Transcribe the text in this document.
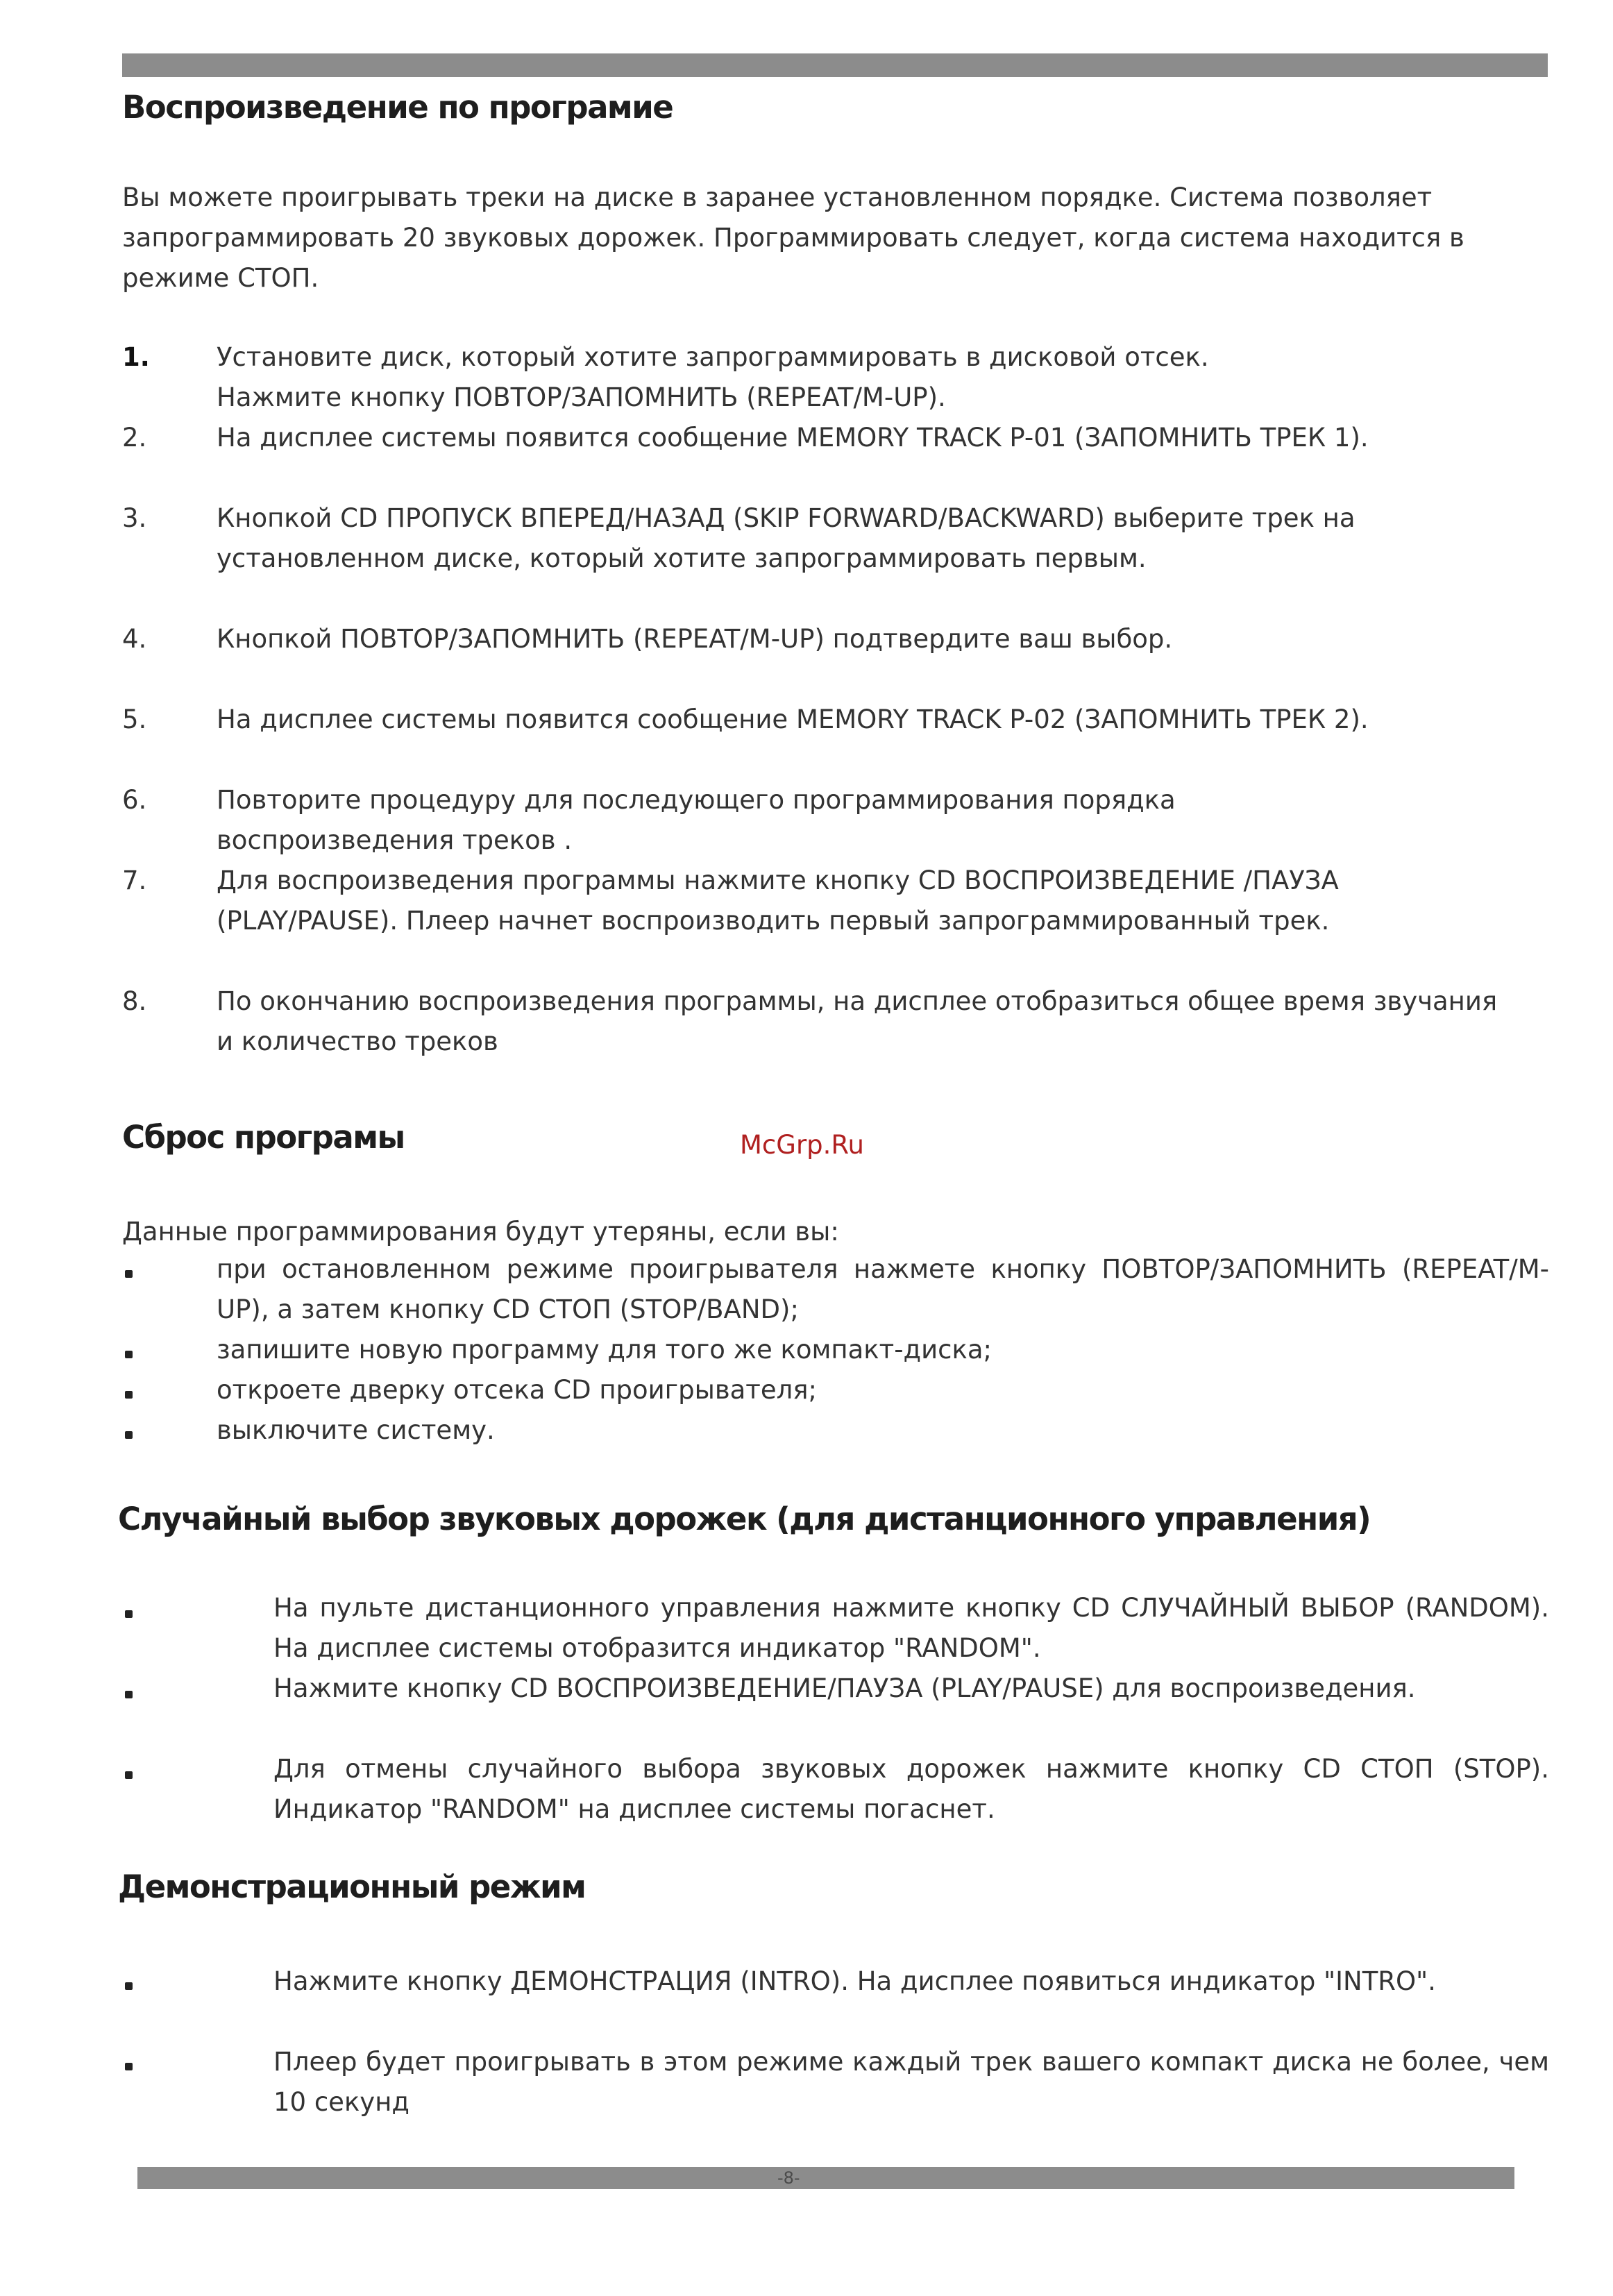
Воспроизведение по програмие

Вы можете проигрывать треки на диске в заранее установленном порядке. Система позволяет запрограммировать 20 звуковых дорожек. Программировать следует, когда система находится в режиме СТОП.

1.	Установите диск, который хотите запрограммировать в дисковой отсек. Нажмите кнопку ПОВТОР/ЗАПОМНИТЬ (REPEAT/M-UP).
2.	На дисплее системы появится сообщение MEMORY TRACK P-01 (ЗАПОМНИТЬ ТРЕК 1).
3.	Кнопкой CD ПРОПУСК ВПЕРЕД/НАЗАД (SKIP FORWARD/BACKWARD) выберите трек на установленном диске, который хотите запрограммировать первым.
4.	Кнопкой ПОВТОР/ЗАПОМНИТЬ (REPEAT/M-UP) подтвердите ваш выбор.
5.	На дисплее системы появится сообщение MEMORY TRACK P-02 (ЗАПОМНИТЬ ТРЕК 2).
6.	Повторите процедуру для последующего программирования порядка воспроизведения треков .
7.	Для воспроизведения программы нажмите кнопку CD ВОСПРОИЗВЕДЕНИЕ /ПАУЗА (PLAY/PAUSE). Плеер начнет воспроизводить первый запрограммированный трек.
8.	По окончанию воспроизведения программы, на дисплее отобразиться общее время звучания и количество треков
Сброс програмы	McGrp.Ru

Данные программирования будут утеряны, если вы:

при остановленном режиме проигрывателя нажмете кнопку ПОВТОР/ЗАПОМНИТЬ (REPEAT/M-UP), а затем кнопку CD СТОП (STOP/BAND);

запишите новую программу для того же компакт-диска;

откроете дверку отсека CD проигрывателя;

выключите систему.

Случайный выбор звуковых дорожек (для дистанционного управления)

На пульте дистанционного управления нажмите кнопку CD СЛУЧАЙНЫЙ ВЫБОР (RANDOM). На дисплее системы отобразится индикатор "RANDOM".

Нажмите кнопку CD ВОСПРОИЗВЕДЕНИЕ/ПАУЗА (PLAY/PAUSE) для воспроизведения.

Для отмены случайного выбора звуковых дорожек нажмите кнопку CD СТОП (STOP). Индикатор "RANDOM" на дисплее системы погаснет.

Демонстрационный режим

Нажмите кнопку ДЕМОНСТРАЦИЯ (INTRO). На дисплее появиться индикатор "INTRO".

Плеер будет проигрывать в этом режиме каждый трек вашего компакт диска не более, чем 10 секунд

-8-
